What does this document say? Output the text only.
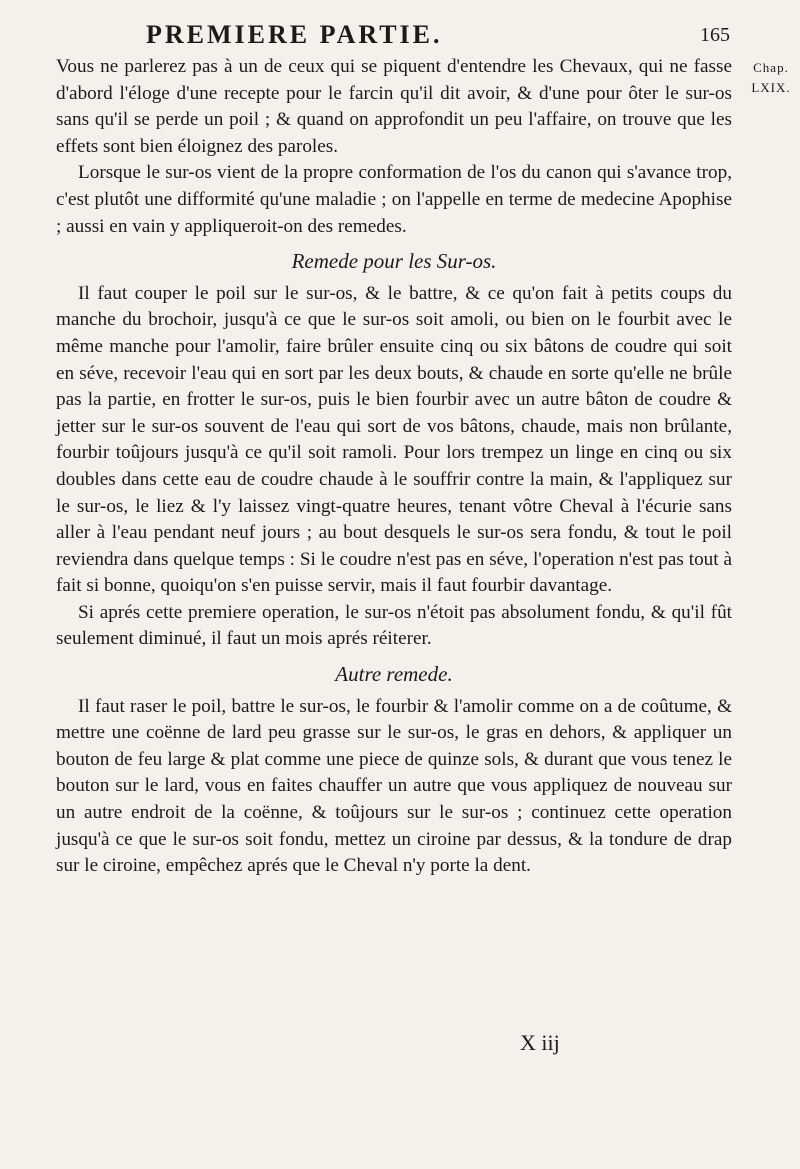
PREMIERE PARTIE.	165
Chap.
LXIX.

Vous ne parlerez pas à un de ceux qui se piquent d'entendre les Chevaux, qui ne fasse d'abord l'éloge d'une recepte pour le farcin qu'il dit avoir, & d'une pour ôter le sur-os sans qu'il se perde un poil ; & quand on approfondit un peu l'affaire, on trouve que les effets sont bien éloignez des paroles.

Lorsque le sur-os vient de la propre conformation de l'os du canon qui s'avance trop, c'est plutôt une difformité qu'une maladie ; on l'appelle en terme de medecine Apophise ; aussi en vain y appliqueroit-on des remedes.

Remede pour les Sur-os.

Il faut couper le poil sur le sur-os, & le battre, & ce qu'on fait à petits coups du manche du brochoir, jusqu'à ce que le sur-os soit amoli, ou bien on le fourbit avec le même manche pour l'amolir, faire brûler ensuite cinq ou six bâtons de coudre qui soit en séve, recevoir l'eau qui en sort par les deux bouts, & chaude en sorte qu'elle ne brûle pas la partie, en frotter le sur-os, puis le bien fourbir avec un autre bâton de coudre & jetter sur le sur-os souvent de l'eau qui sort de vos bâtons, chaude, mais non brûlante, fourbir toûjours jusqu'à ce qu'il soit ramoli. Pour lors trempez un linge en cinq ou six doubles dans cette eau de coudre chaude à le souffrir contre la main, & l'appliquez sur le sur-os, le liez & l'y laissez vingt-quatre heures, tenant vôtre Cheval à l'écurie sans aller à l'eau pendant neuf jours ; au bout desquels le sur-os sera fondu, & tout le poil reviendra dans quelque temps : Si le coudre n'est pas en séve, l'operation n'est pas tout à fait si bonne, quoiqu'on s'en puisse servir, mais il faut fourbir davantage.

Si aprés cette premiere operation, le sur-os n'étoit pas absolument fondu, & qu'il fût seulement diminué, il faut un mois aprés réiterer.

Autre remede.

Il faut raser le poil, battre le sur-os, le fourbir & l'amolir comme on a de coûtume, & mettre une coënne de lard peu grasse sur le sur-os, le gras en dehors, & appliquer un bouton de feu large & plat comme une piece de quinze sols, & durant que vous tenez le bouton sur le lard, vous en faites chauffer un autre que vous appliquez de nouveau sur un autre endroit de la coënne, & toûjours sur le sur-os ; continuez cette operation jusqu'à ce que le sur-os soit fondu, mettez un ciroine par dessus, & la tondure de drap sur le ciroine, empêchez aprés que le Cheval n'y porte la dent.

X iij
